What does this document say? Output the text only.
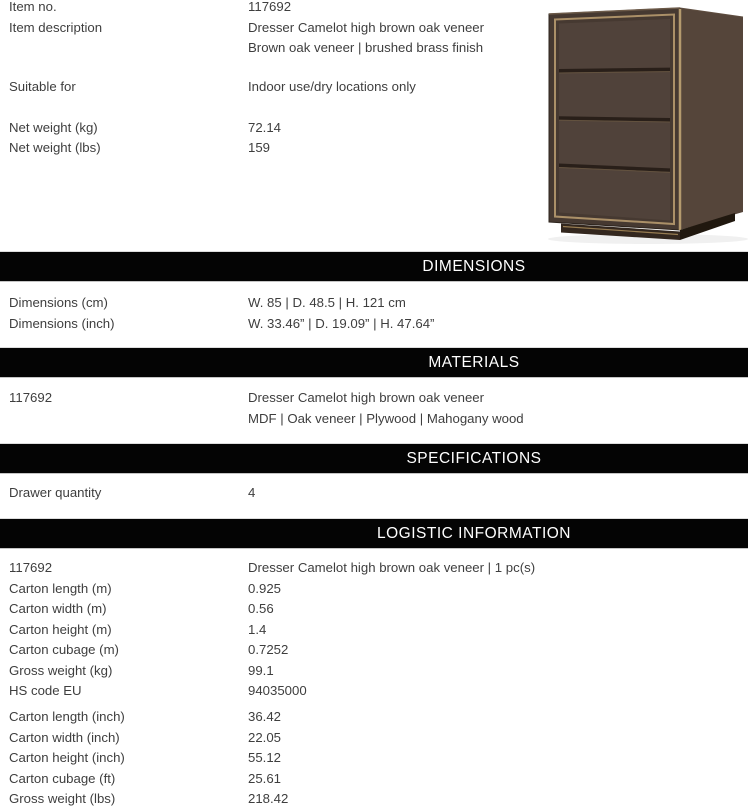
Item no.	117692
Item description	Dresser Camelot high brown oak veneer
Brown oak veneer | brushed brass finish
Suitable for	Indoor use/dry locations only
Net weight (kg)	72.14
Net weight (lbs)	159
DIMENSIONS
Dimensions (cm)	W. 85 | D. 48.5 | H. 121 cm
Dimensions (inch)	W. 33.46” | D. 19.09” | H. 47.64”
MATERIALS
117692	Dresser Camelot high brown oak veneer
MDF | Oak veneer | Plywood | Mahogany wood
SPECIFICATIONS
Drawer quantity	4
LOGISTIC INFORMATION
117692	Dresser Camelot high brown oak veneer | 1 pc(s)
Carton length (m)	0.925
Carton width (m)	0.56
Carton height (m)	1.4
Carton cubage (m)	0.7252
Gross weight (kg)	99.1
HS code EU	94035000
Carton length (inch)	36.42
Carton width (inch)	22.05
Carton height (inch)	55.12
Carton cubage (ft)	25.61
Gross weight (lbs)	218.42
